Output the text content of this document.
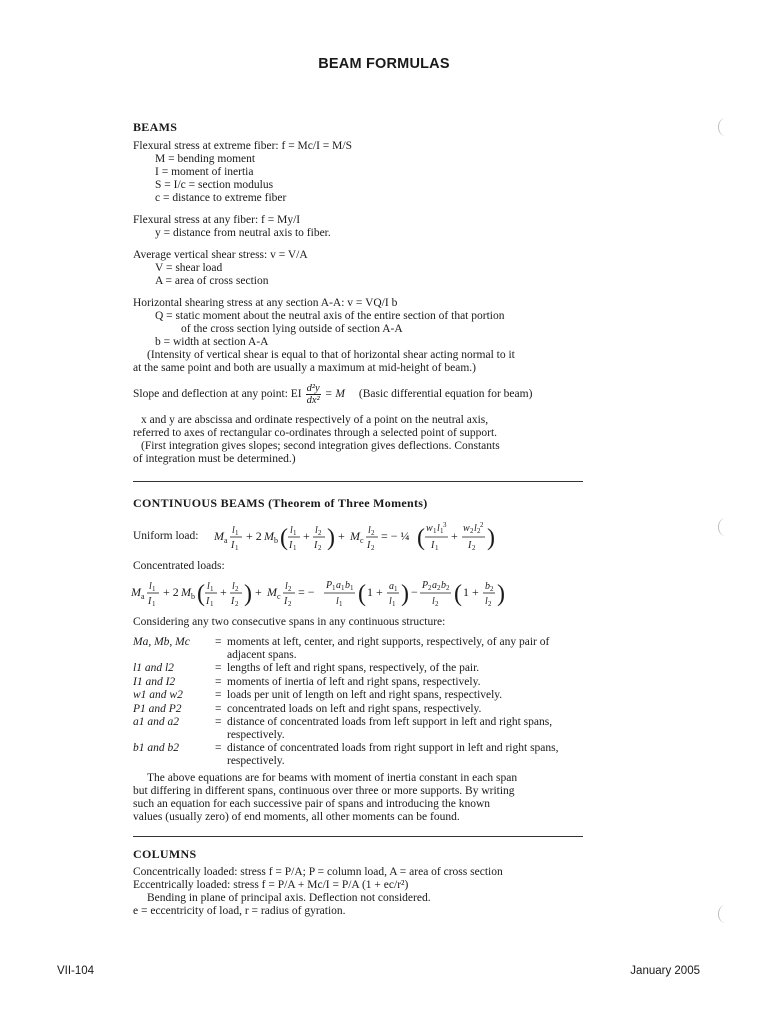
BEAM FORMULAS
BEAMS
Flexural stress at extreme fiber: f = Mc/I = M/S
M = bending moment
I = moment of inertia
S = I/c = section modulus
c = distance to extreme fiber
Flexural stress at any fiber: f = My/I
y = distance from neutral axis to fiber.
Average vertical shear stress: v = V/A
V = shear load
A = area of cross section
Horizontal shearing stress at any section A-A: v = VQ/I b
Q = static moment about the neutral axis of the entire section of that portion
of the cross section lying outside of section A-A
b = width at section A-A
(Intensity of vertical shear is equal to that of horizontal shear acting normal to it
at the same point and both are usually a maximum at mid-height of beam.)
Slope and deflection at any point: EI $\frac{\text{d²y}}{\text{dx²}} = M$ (Basic differential equation for beam)
x and y are abscissa and ordinate respectively of a point on the neutral axis,
referred to axes of rectangular co-ordinates through a selected point of support.
(First integration gives slopes; second integration gives deflections. Constants
of integration must be determined.)
CONTINUOUS BEAMS (Theorem of Three Moments)
Uniform load:	M a
l 1
I 1
+ 2 M b ( l 1
I 1
+ l 2
I 2 ) + M c
l 2
I 2
= − ¼ ( w 1 l 1
3
I 1
+
w 2 l 2
2
I 2 )
Concentrated loads:
M a
l 1
I 1
+ 2 M b ( l 1
I 1
+ l 2
I 2 ) + M c
l 2
I 2
= − P 1 a 1 b 1
l 1 ( 1 + a 1
l 1 ) − P 2 a 2 b 2
l 2 ( 1 + b 2
l 2 )
Considering any two consecutive spans in any continuous structure:
Ma, Mb, Mc = moments at left, center, and right supports, respectively, of any pair of adjacent spans.
l1 and l2	= lengths of left and right spans, respectively, of the pair.
I1 and I2	= moments of inertia of left and right spans, respectively.
w1 and w2	= loads per unit of length on left and right spans, respectively.
P1 and P2	= concentrated loads on left and right spans, respectively.
a1 and a2	= distance of concentrated loads from left support in left and right spans, respectively.
b1 and b2	= distance of concentrated loads from right support in left and right spans, respectively.
The above equations are for beams with moment of inertia constant in each span
but differing in different spans, continuous over three or more supports. By writing
such an equation for each successive pair of spans and introducing the known
values (usually zero) of end moments, all other moments can be found.
COLUMNS
Concentrically loaded: stress f = P/A; P = column load, A = area of cross section
Eccentrically loaded: stress f = P/A + Mc/I = P/A (1 + ec/r²)
Bending in plane of principal axis. Deflection not considered.
e = eccentricity of load, r = radius of gyration.
VII-104	January 2005
